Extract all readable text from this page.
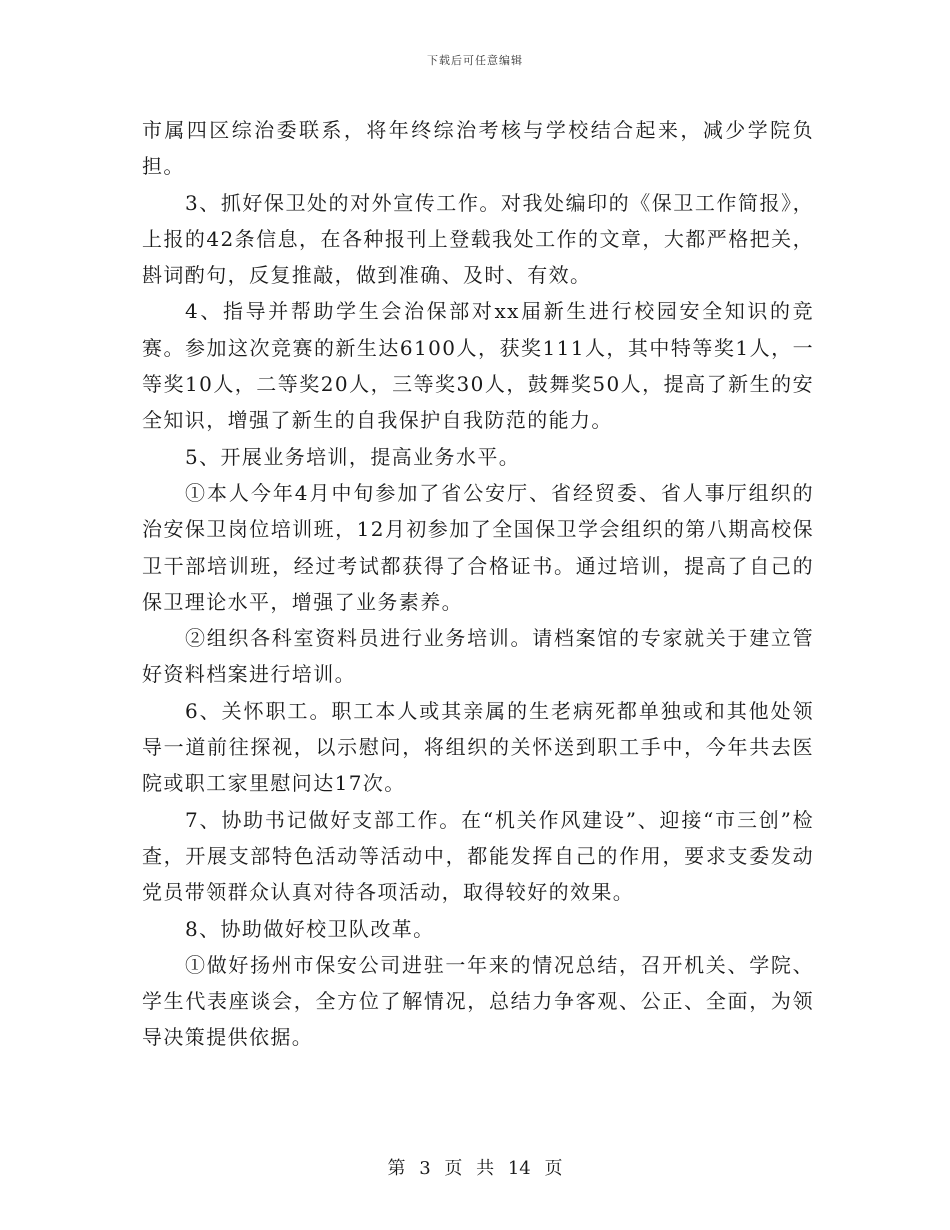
下载后可任意编辑

市属四区综治委联系，将年终综治考核与学校结合起来，减少学院负担。

3、抓好保卫处的对外宣传工作。对我处编印的《保卫工作简报》，上报的42条信息，在各种报刊上登载我处工作的文章，大都严格把关，斟词酌句，反复推敲，做到准确、及时、有效。

4、指导并帮助学生会治保部对xx届新生进行校园安全知识的竞赛。参加这次竞赛的新生达6100人，获奖111人，其中特等奖1人，一等奖10人，二等奖20人，三等奖30人，鼓舞奖50人，提高了新生的安全知识，增强了新生的自我保护自我防范的能力。

5、开展业务培训，提高业务水平。

①本人今年4月中旬参加了省公安厅、省经贸委、省人事厅组织的治安保卫岗位培训班，12月初参加了全国保卫学会组织的第八期高校保卫干部培训班，经过考试都获得了合格证书。通过培训，提高了自己的保卫理论水平，增强了业务素养。

②组织各科室资料员进行业务培训。请档案馆的专家就关于建立管好资料档案进行培训。

6、关怀职工。职工本人或其亲属的生老病死都单独或和其他处领导一道前往探视，以示慰问，将组织的关怀送到职工手中，今年共去医院或职工家里慰问达17次。

7、协助书记做好支部工作。在“机关作风建设”、迎接“市三创”检查，开展支部特色活动等活动中，都能发挥自己的作用，要求支委发动党员带领群众认真对待各项活动，取得较好的效果。

8、协助做好校卫队改革。

①做好扬州市保安公司进驻一年来的情况总结，召开机关、学院、学生代表座谈会，全方位了解情况，总结力争客观、公正、全面，为领导决策提供依据。

第 3 页 共 14 页
